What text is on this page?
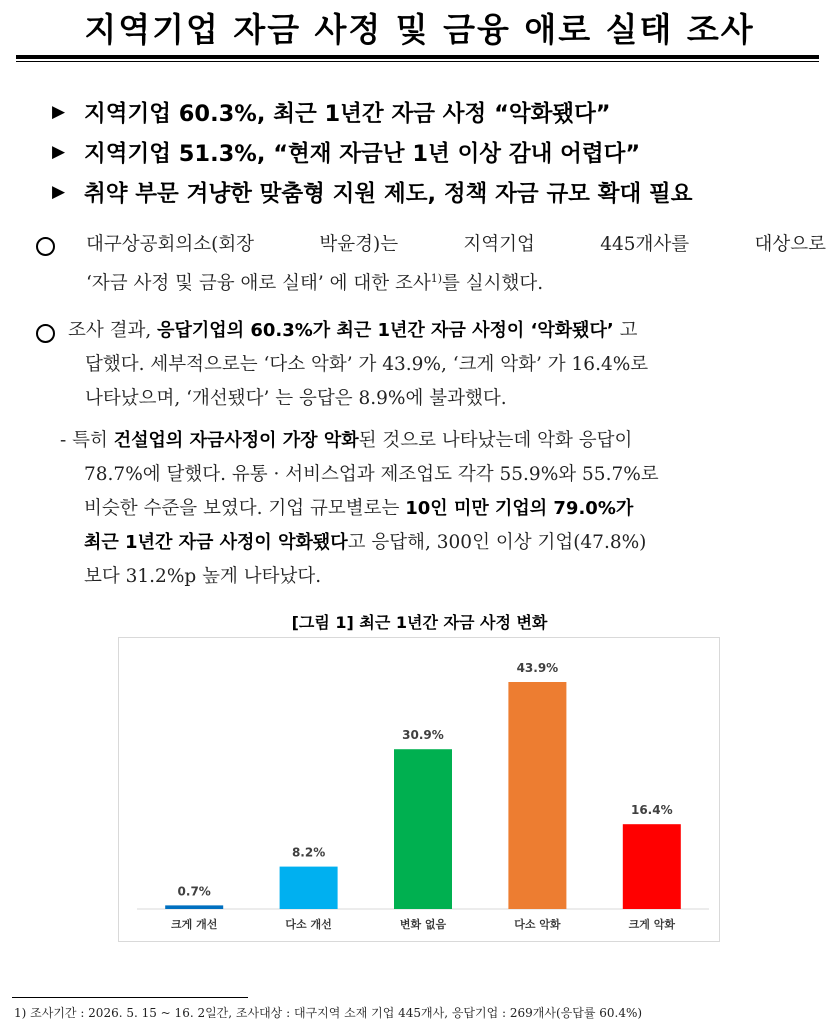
지역기업 자금 사정 및 금융 애로 실태 조사
▶ 지역기업 60.3%, 최근 1년간 자금 사정 “악화됐다”
▶ 지역기업 51.3%, “현재 자금난 1년 이상 감내 어렵다”
▶ 취약 부문 겨냥한 맞춤형 지원 제도, 정책 자금 규모 확대 필요
대구상공회의소(회장	박윤경)는	지역기업	445개사를	대상으로
‘자금 사정 및 금융 애로 실태’ 에 대한 조사$^{1)}$를 실시했다.
조사 결과, 응답기업의 60.3%가 최근 1년간 자금 사정이 ‘악화됐다’ 고
답했다. 세부적으로는 ‘다소 악화’ 가 43.9%, ‘크게 악화’ 가 16.4%로
나타났으며, ‘개선됐다’ 는 응답은 8.9%에 불과했다.
- 특히 건설업의 자금사정이 가장 악화된 것으로 나타났는데 악화 응답이
78.7%에 달했다. 유통 · 서비스업과 제조업도 각각 55.9%와 55.7%로
비슷한 수준을 보였다. 기업 규모별로는 10인 미만 기업의 79.0%가
최근 1년간 자금 사정이 악화됐다고 응답해, 300인 이상 기업(47.8%)
보다 31.2%p 높게 나타났다.
[그림 1] 최근 1년간 자금 사정 변화
0.7%
크게 개선
8.2%
다소 개선
30.9%
변화 없음
43.9%
다소 악화
16.4%
크게 악화
1) 조사기간 : 2026. 5. 15 ~ 16. 2일간, 조사대상 : 대구지역 소재 기업 445개사, 응답기업 : 269개사(응답률 60.4%)
